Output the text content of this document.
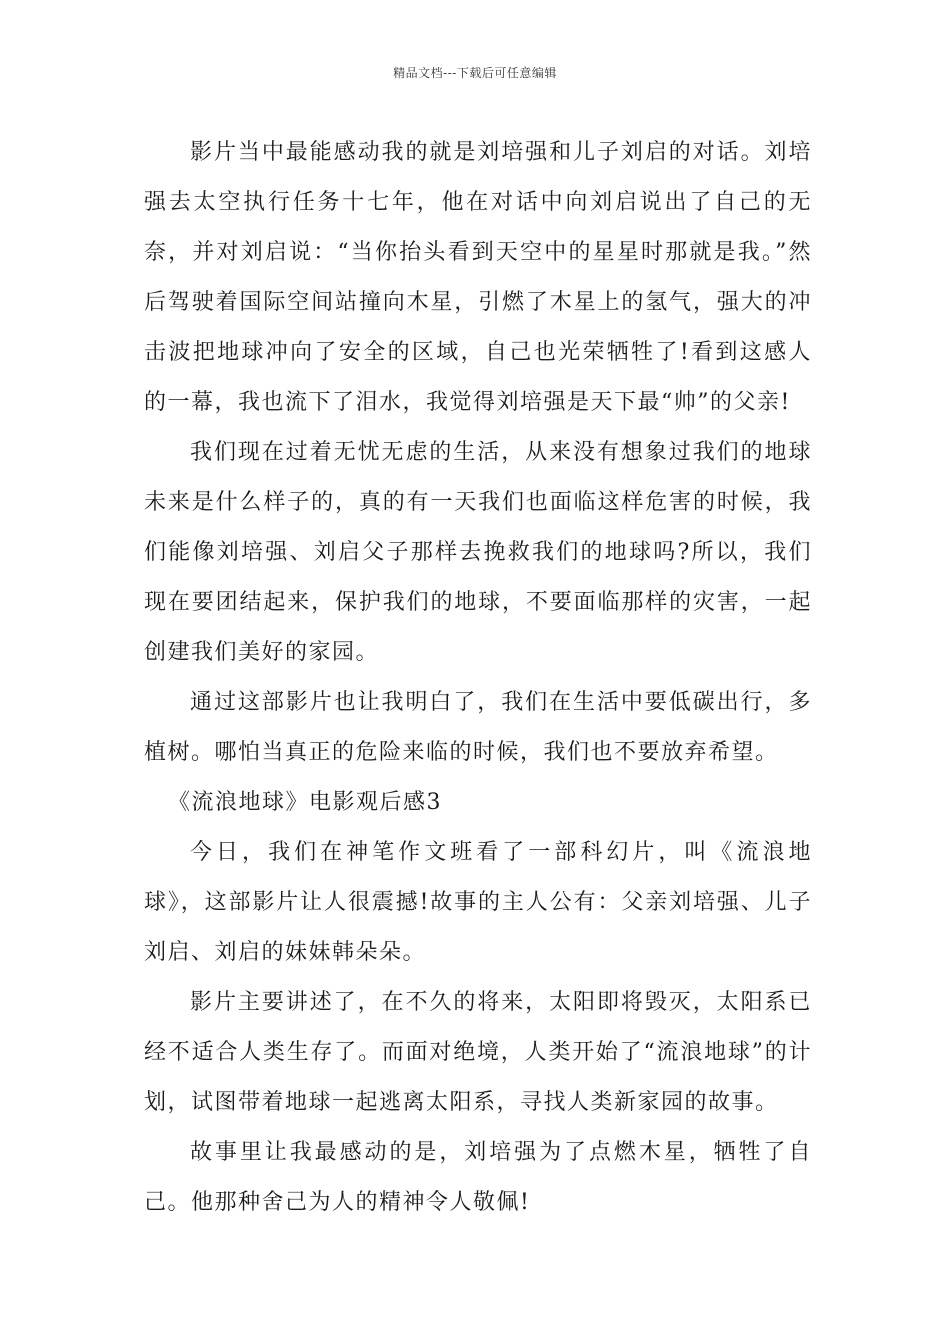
精品文档---下载后可任意编辑

影片当中最能感动我的就是刘培强和儿子刘启的对话。刘培强去太空执行任务十七年，他在对话中向刘启说出了自己的无奈，并对刘启说：“当你抬头看到天空中的星星时那就是我。”然后驾驶着国际空间站撞向木星，引燃了木星上的氢气，强大的冲击波把地球冲向了安全的区域，自己也光荣牺牲了!看到这感人的一幕，我也流下了泪水，我觉得刘培强是天下最“帅”的父亲!

我们现在过着无忧无虑的生活，从来没有想象过我们的地球未来是什么样子的，真的有一天我们也面临这样危害的时候，我们能像刘培强、刘启父子那样去挽救我们的地球吗?所以，我们现在要团结起来，保护我们的地球，不要面临那样的灾害，一起创建我们美好的家园。

通过这部影片也让我明白了，我们在生活中要低碳出行，多植树。哪怕当真正的危险来临的时候，我们也不要放弃希望。

《流浪地球》电影观后感3

今日，我们在神笔作文班看了一部科幻片，叫《流浪地球》，这部影片让人很震撼!故事的主人公有：父亲刘培强、儿子刘启、刘启的妹妹韩朵朵。

影片主要讲述了，在不久的将来，太阳即将毁灭，太阳系已经不适合人类生存了。而面对绝境，人类开始了“流浪地球”的计划，试图带着地球一起逃离太阳系，寻找人类新家园的故事。

故事里让我最感动的是，刘培强为了点燃木星，牺牲了自己。他那种舍己为人的精神令人敬佩!
